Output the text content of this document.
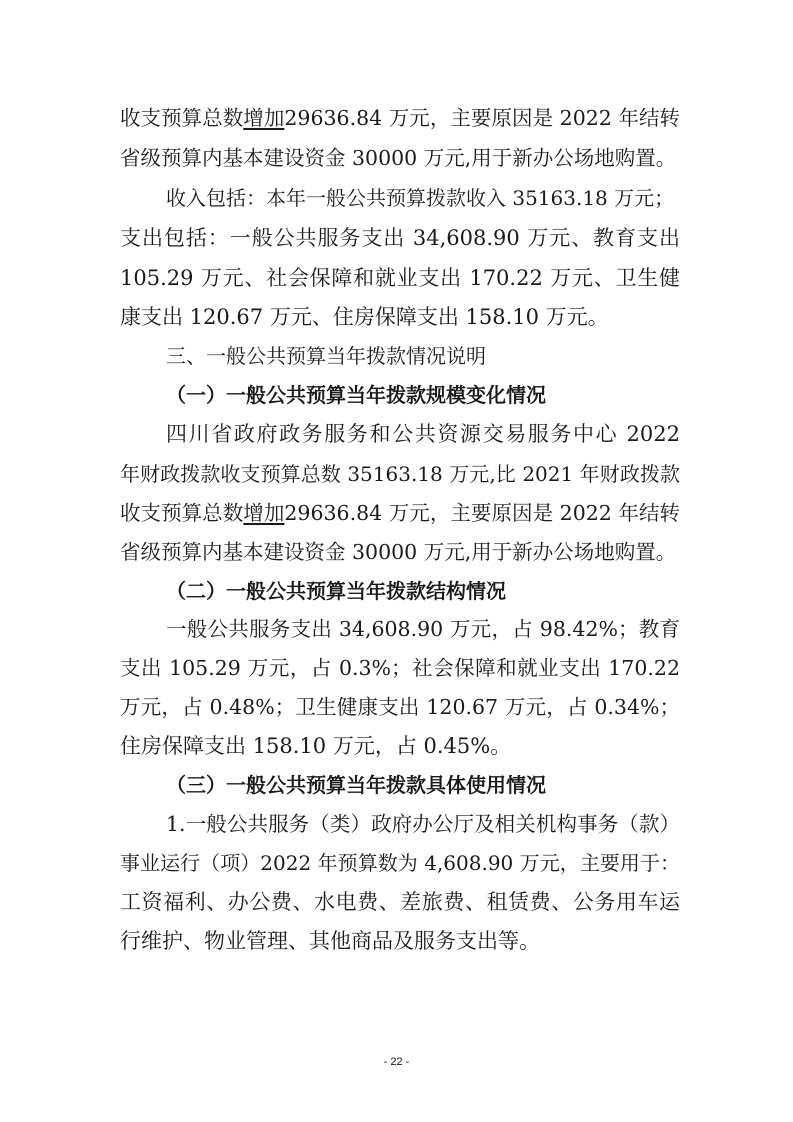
收支预算总数增加29636.84 万元，主要原因是 2022 年结转
省级预算内基本建设资金 30000 万元,用于新办公场地购置。
收入包括：本年一般公共预算拨款收入 35163.18 万元；
支出包括：一般公共服务支出 34,608.90 万元、教育支出
105.29 万元、社会保障和就业支出 170.22 万元、卫生健
康支出 120.67 万元、住房保障支出 158.10 万元。
三、一般公共预算当年拨款情况说明
（一）一般公共预算当年拨款规模变化情况
四川省政府政务服务和公共资源交易服务中心 2022
年财政拨款收支预算总数 35163.18 万元,比 2021 年财政拨款
收支预算总数增加29636.84 万元，主要原因是 2022 年结转
省级预算内基本建设资金 30000 万元,用于新办公场地购置。
（二）一般公共预算当年拨款结构情况
一般公共服务支出 34,608.90 万元，占 98.42%；教育
支出 105.29 万元，占 0.3%；社会保障和就业支出 170.22
万元，占 0.48%；卫生健康支出 120.67 万元，占 0.34%；
住房保障支出 158.10 万元，占 0.45%。
（三）一般公共预算当年拨款具体使用情况
1.一般公共服务（类）政府办公厅及相关机构事务（款）
事业运行（项）2022 年预算数为 4,608.90 万元，主要用于：
工资福利、办公费、水电费、差旅费、租赁费、公务用车运
行维护、物业管理、其他商品及服务支出等。
- 22 -
